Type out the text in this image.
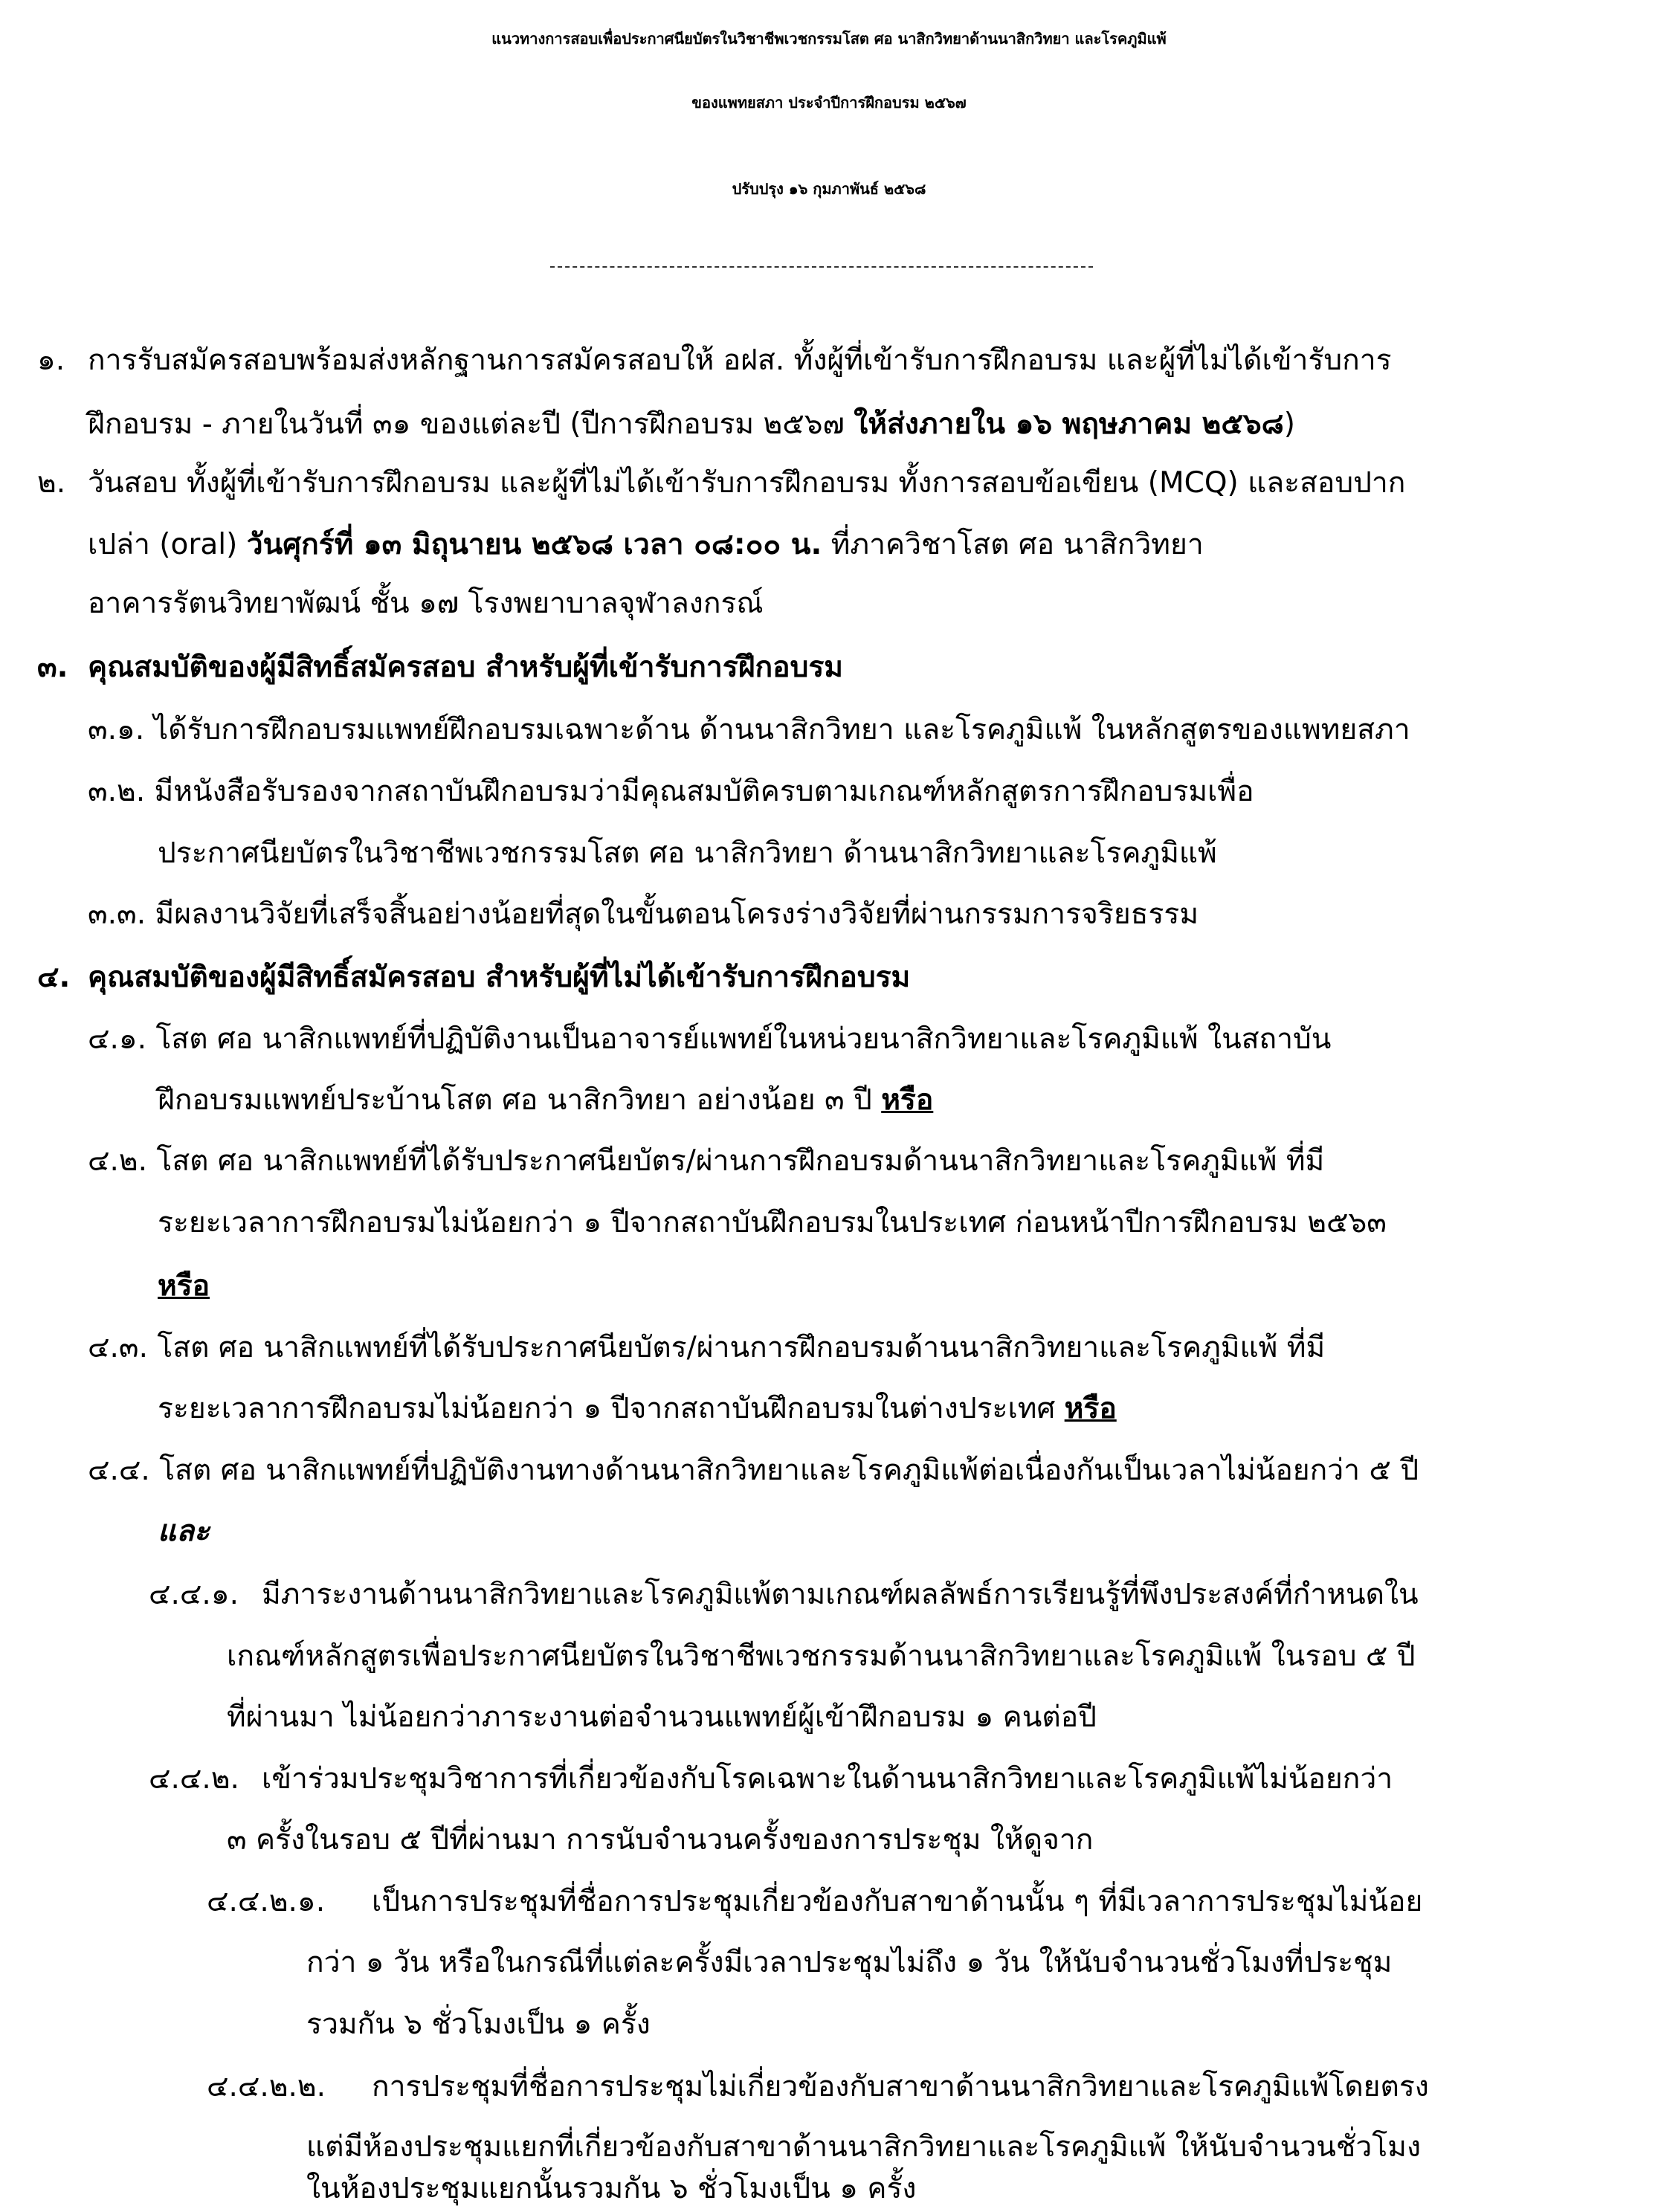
แนวทางการสอบเพื่อประกาศนียบัตรในวิชาชีพเวชกรรมโสต ศอ นาสิกวิทยาด้านนาสิกวิทยา และโรคภูมิแพ้
ของแพทยสภา ประจำปีการฝึกอบรม ๒๕๖๗
ปรับปรุง ๑๖ กุมภาพันธ์ ๒๕๖๘
๑. การรับสมัครสอบพร้อมส่งหลักฐานการสมัครสอบให้ อฝส. ทั้งผู้ที่เข้ารับการฝึกอบรม และผู้ที่ไม่ได้เข้ารับการ
ฝึกอบรม - ภายในวันที่ ๓๑ ของแต่ละปี (ปีการฝึกอบรม ๒๕๖๗ ให้ส่งภายใน ๑๖ พฤษภาคม ๒๕๖๘)
๒. วันสอบ ทั้งผู้ที่เข้ารับการฝึกอบรม และผู้ที่ไม่ได้เข้ารับการฝึกอบรม ทั้งการสอบข้อเขียน (MCQ) และสอบปาก
เปล่า (oral) วันศุกร์ที่ ๑๓ มิถุนายน ๒๕๖๘ เวลา ๐๘:๐๐ น. ที่ภาควิชาโสต ศอ นาสิกวิทยา
อาคารรัตนวิทยาพัฒน์ ชั้น ๑๗ โรงพยาบาลจุฬาลงกรณ์
๓. คุณสมบัติของผู้มีสิทธิ์สมัครสอบ สำหรับผู้ที่เข้ารับการฝึกอบรม
๓.๑. ได้รับการฝึกอบรมแพทย์ฝึกอบรมเฉพาะด้าน ด้านนาสิกวิทยา และโรคภูมิแพ้ ในหลักสูตรของแพทยสภา
๓.๒. มีหนังสือรับรองจากสถาบันฝึกอบรมว่ามีคุณสมบัติครบตามเกณฑ์หลักสูตรการฝึกอบรมเพื่อ
ประกาศนียบัตรในวิชาชีพเวชกรรมโสต ศอ นาสิกวิทยา ด้านนาสิกวิทยาและโรคภูมิแพ้
๓.๓. มีผลงานวิจัยที่เสร็จสิ้นอย่างน้อยที่สุดในขั้นตอนโครงร่างวิจัยที่ผ่านกรรมการจริยธรรม
๔. คุณสมบัติของผู้มีสิทธิ์สมัครสอบ สำหรับผู้ที่ไม่ได้เข้ารับการฝึกอบรม
๔.๑. โสต ศอ นาสิกแพทย์ที่ปฏิบัติงานเป็นอาจารย์แพทย์ในหน่วยนาสิกวิทยาและโรคภูมิแพ้ ในสถาบัน
ฝึกอบรมแพทย์ประบ้านโสต ศอ นาสิกวิทยา อย่างน้อย ๓ ปี หรือ
๔.๒. โสต ศอ นาสิกแพทย์ที่ได้รับประกาศนียบัตร/ผ่านการฝึกอบรมด้านนาสิกวิทยาและโรคภูมิแพ้ ที่มี
ระยะเวลาการฝึกอบรมไม่น้อยกว่า ๑ ปีจากสถาบันฝึกอบรมในประเทศ ก่อนหน้าปีการฝึกอบรม ๒๕๖๓
หรือ
๔.๓. โสต ศอ นาสิกแพทย์ที่ได้รับประกาศนียบัตร/ผ่านการฝึกอบรมด้านนาสิกวิทยาและโรคภูมิแพ้ ที่มี
ระยะเวลาการฝึกอบรมไม่น้อยกว่า ๑ ปีจากสถาบันฝึกอบรมในต่างประเทศ หรือ
๔.๔. โสต ศอ นาสิกแพทย์ที่ปฏิบัติงานทางด้านนาสิกวิทยาและโรคภูมิแพ้ต่อเนื่องกันเป็นเวลาไม่น้อยกว่า ๕ ปี
และ
๔.๔.๑. มีภาระงานด้านนาสิกวิทยาและโรคภูมิแพ้ตามเกณฑ์ผลลัพธ์การเรียนรู้ที่พึงประสงค์ที่กำหนดใน
เกณฑ์หลักสูตรเพื่อประกาศนียบัตรในวิชาชีพเวชกรรมด้านนาสิกวิทยาและโรคภูมิแพ้ ในรอบ ๕ ปี
ที่ผ่านมา ไม่น้อยกว่าภาระงานต่อจำนวนแพทย์ผู้เข้าฝึกอบรม ๑ คนต่อปี
๔.๔.๒. เข้าร่วมประชุมวิชาการที่เกี่ยวข้องกับโรคเฉพาะในด้านนาสิกวิทยาและโรคภูมิแพ้ไม่น้อยกว่า
๓ ครั้งในรอบ ๕ ปีที่ผ่านมา การนับจำนวนครั้งของการประชุม ให้ดูจาก
๔.๔.๒.๑. เป็นการประชุมที่ชื่อการประชุมเกี่ยวข้องกับสาขาด้านนั้น ๆ ที่มีเวลาการประชุมไม่น้อย
กว่า ๑ วัน หรือในกรณีที่แต่ละครั้งมีเวลาประชุมไม่ถึง ๑ วัน ให้นับจำนวนชั่วโมงที่ประชุม
รวมกัน ๖ ชั่วโมงเป็น ๑ ครั้ง
๔.๔.๒.๒. การประชุมที่ชื่อการประชุมไม่เกี่ยวข้องกับสาขาด้านนาสิกวิทยาและโรคภูมิแพ้โดยตรง
แต่มีห้องประชุมแยกที่เกี่ยวข้องกับสาขาด้านนาสิกวิทยาและโรคภูมิแพ้ ให้นับจำนวนชั่วโมง
ในห้องประชุมแยกนั้นรวมกัน ๖ ชั่วโมงเป็น ๑ ครั้ง
